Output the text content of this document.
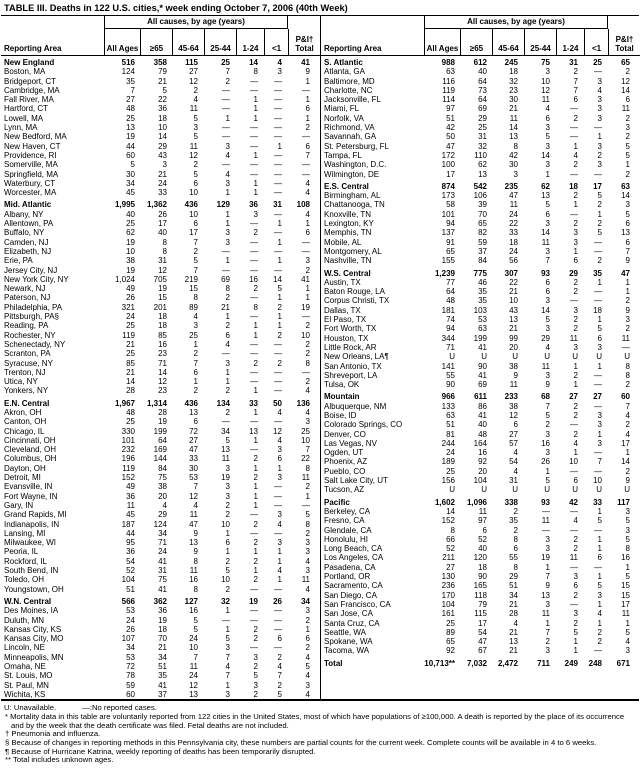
TABLE III. Deaths in 122 U.S. cities,* week ending October 7, 2006 (40th Week)
All causes, by age (years)
Reporting Area	All Ages	≥65	45-64	25-44	1-24	<1
P&I†
Total
New England	516	358	115	25	14	4	41
Boston, MA	124	79	27	7	8	3	9
Bridgeport, CT	35	21	12	2	—	—	1
Cambridge, MA	7	5	2	—	—	—	—
Fall River, MA	27	22	4	—	1	—	1
Hartford, CT	48	36	11	—	1	—	6
Lowell, MA	25	18	5	1	1	—	1
Lynn, MA	13	10	3	—	—	—	2
New Bedford, MA	19	14	5	—	—	—	—
New Haven, CT	44	29	11	3	—	1	6
Providence, RI	60	43	12	4	1	—	7
Somerville, MA	5	3	2	—	—	—	—
Springfield, MA	30	21	5	4	—	—	—
Waterbury, CT	34	24	6	3	1	—	4
Worcester, MA	45	33	10	1	1	—	4
Mid. Atlantic	1,995	1,362	436	129	36	31	108
Albany, NY	40	26	10	1	3	—	4
Allentown, PA	25	17	6	1	—	1	1
Buffalo, NY	62	40	17	3	2	—	6
Camden, NJ	19	8	7	3	—	1	—
Elizabeth, NJ	10	8	2	—	—	—	—
Erie, PA	38	31	5	1	—	1	3
Jersey City, NJ	19	12	7	—	—	—	2
New York City, NY	1,024	705	219	69	16	14	41
Newark, NJ	49	19	15	8	2	5	1
Paterson, NJ	26	15	8	2	—	1	1
Philadelphia, PA	321	201	89	21	8	2	19
Pittsburgh, PA§	24	18	4	1	—	1	—
Reading, PA	25	18	3	2	1	1	2
Rochester, NY	119	85	25	6	1	2	10
Schenectady, NY	21	16	1	4	—	—	2
Scranton, PA	25	23	2	—	—	—	2
Syracuse, NY	85	71	7	3	2	2	8
Trenton, NJ	21	14	6	1	—	—	—
Utica, NY	14	12	1	1	—	—	2
Yonkers, NY	28	23	2	2	1	—	4
E.N. Central	1,967	1,314	436	134	33	50	136
Akron, OH	48	28	13	2	1	4	4
Canton, OH	25	19	6	—	—	—	3
Chicago, IL	330	199	72	34	13	12	25
Cincinnati, OH	101	64	27	5	1	4	10
Cleveland, OH	232	169	47	13	—	3	7
Columbus, OH	196	144	33	11	2	6	22
Dayton, OH	119	84	30	3	1	1	8
Detroit, MI	152	75	53	19	2	3	11
Evansville, IN	49	38	7	3	1	—	2
Fort Wayne, IN	36	20	12	3	1	—	1
Gary, IN	11	4	4	2	1	—	—
Grand Rapids, MI	45	29	11	2	—	3	5
Indianapolis, IN	187	124	47	10	2	4	8
Lansing, MI	44	34	9	1	—	—	2
Milwaukee, WI	95	71	13	6	2	3	3
Peoria, IL	36	24	9	1	1	1	3
Rockford, IL	54	41	8	2	2	1	4
South Bend, IN	52	31	11	5	1	4	3
Toledo, OH	104	75	16	10	2	1	11
Youngstown, OH	51	41	8	2	—	—	4
W.N. Central	566	362	127	32	19	26	34
Des Moines, IA	53	36	16	1	—	—	3
Duluth, MN	24	19	5	—	—	—	2
Kansas City, KS	26	18	5	1	2	—	1
Kansas City, MO	107	70	24	5	2	6	6
Lincoln, NE	34	21	10	3	—	—	2
Minneapolis, MN	53	34	7	7	3	2	4
Omaha, NE	72	51	11	4	2	4	5
St. Louis, MO	78	35	24	7	5	7	4
St. Paul, MN	59	41	12	1	3	2	3
Wichita, KS	60	37	13	3	2	5	4
All causes, by age (years)
Reporting Area	All Ages	≥65	45-64	25-44	1-24	<1
P&I†
Total
S. Atlantic	988	612	245	75	31	25	65
Atlanta, GA	63	40	18	3	2	—	2
Baltimore, MD	116	64	32	10	7	3	12
Charlotte, NC	119	73	23	12	7	4	14
Jacksonville, FL	114	64	30	11	6	3	6
Miami, FL	97	69	21	4	—	3	11
Norfolk, VA	51	29	11	6	2	3	2
Richmond, VA	42	25	14	3	—	—	3
Savannah, GA	50	31	13	5	—	1	2
St. Petersburg, FL	47	32	8	3	1	3	5
Tampa, FL	172	110	42	14	4	2	5
Washington, D.C.	100	62	30	3	2	3	1
Wilmington, DE	17	13	3	1	—	—	2
E.S. Central	874	542	235	62	18	17	63
Birmingham, AL	173	106	47	13	2	5	14
Chattanooga, TN	58	39	11	5	1	2	3
Knoxville, TN	101	70	24	6	—	1	5
Lexington, KY	94	65	22	3	2	2	6
Memphis, TN	137	82	33	14	3	5	13
Mobile, AL	91	59	18	11	3	—	6
Montgomery, AL	65	37	24	3	1	—	7
Nashville, TN	155	84	56	7	6	2	9
W.S. Central	1,239	775	307	93	29	35	47
Austin, TX	77	46	22	6	2	1	1
Baton Rouge, LA	64	35	21	6	2	—	1
Corpus Christi, TX	48	35	10	3	—	—	2
Dallas, TX	181	103	43	14	3	18	9
El Paso, TX	74	53	13	5	2	1	3
Fort Worth, TX	94	63	21	3	2	5	2
Houston, TX	344	199	99	29	11	6	11
Little Rock, AR	71	41	20	4	3	3	—
New Orleans, LA¶	U	U	U	U	U	U	U
San Antonio, TX	141	90	38	11	1	1	8
Shreveport, LA	55	41	9	3	2	—	8
Tulsa, OK	90	69	11	9	1	—	2
Mountain	966	611	233	68	27	27	60
Albuquerque, NM	133	86	38	7	2	—	7
Boise, ID	63	41	12	5	2	3	4
Colorado Springs, CO	51	40	6	2	—	3	2
Denver, CO	81	48	27	3	2	1	4
Las Vegas, NV	244	164	57	16	4	3	17
Ogden, UT	24	16	4	3	1	—	1
Phoenix, AZ	189	92	54	26	10	7	14
Pueblo, CO	25	20	4	1	—	—	2
Salt Lake City, UT	156	104	31	5	6	10	9
Tucson, AZ	U	U	U	U	U	U	U
Pacific	1,602	1,096	338	93	42	33	117
Berkeley, CA	14	11	2	—	—	1	3
Fresno, CA	152	97	35	11	4	5	5
Glendale, CA	8	6	2	—	—	—	3
Honolulu, HI	66	52	8	3	2	1	5
Long Beach, CA	52	40	6	3	2	1	8
Los Angeles, CA	211	120	55	19	11	6	16
Pasadena, CA	27	18	8	1	—	—	1
Portland, OR	130	90	29	7	3	1	5
Sacramento, CA	236	165	51	9	6	5	15
San Diego, CA	170	118	34	13	2	3	15
San Francisco, CA	104	79	21	3	—	1	17
San Jose, CA	161	115	28	11	3	4	11
Santa Cruz, CA	25	17	4	1	2	1	1
Seattle, WA	89	54	21	7	5	2	5
Spokane, WA	65	47	13	2	1	2	4
Tacoma, WA	92	67	21	3	1	—	3
Total	10,713**	7,032	2,472	711	249	248	671
U: Unavailable.	—:No reported cases.
* Mortality data in this table are voluntarily reported from 122 cities in the United States, most of which have populations of ≥100,000. A death is reported by the place of its occurrence and by the week that the death certificate was filed. Fetal deaths are not included.
† Pneumonia and influenza.
§ Because of changes in reporting methods in this Pennsylvania city, these numbers are partial counts for the current week. Complete counts will be available in 4 to 6 weeks.
¶ Because of Hurricane Katrina, weekly reporting of deaths has been temporarily disrupted.
** Total includes unknown ages.
